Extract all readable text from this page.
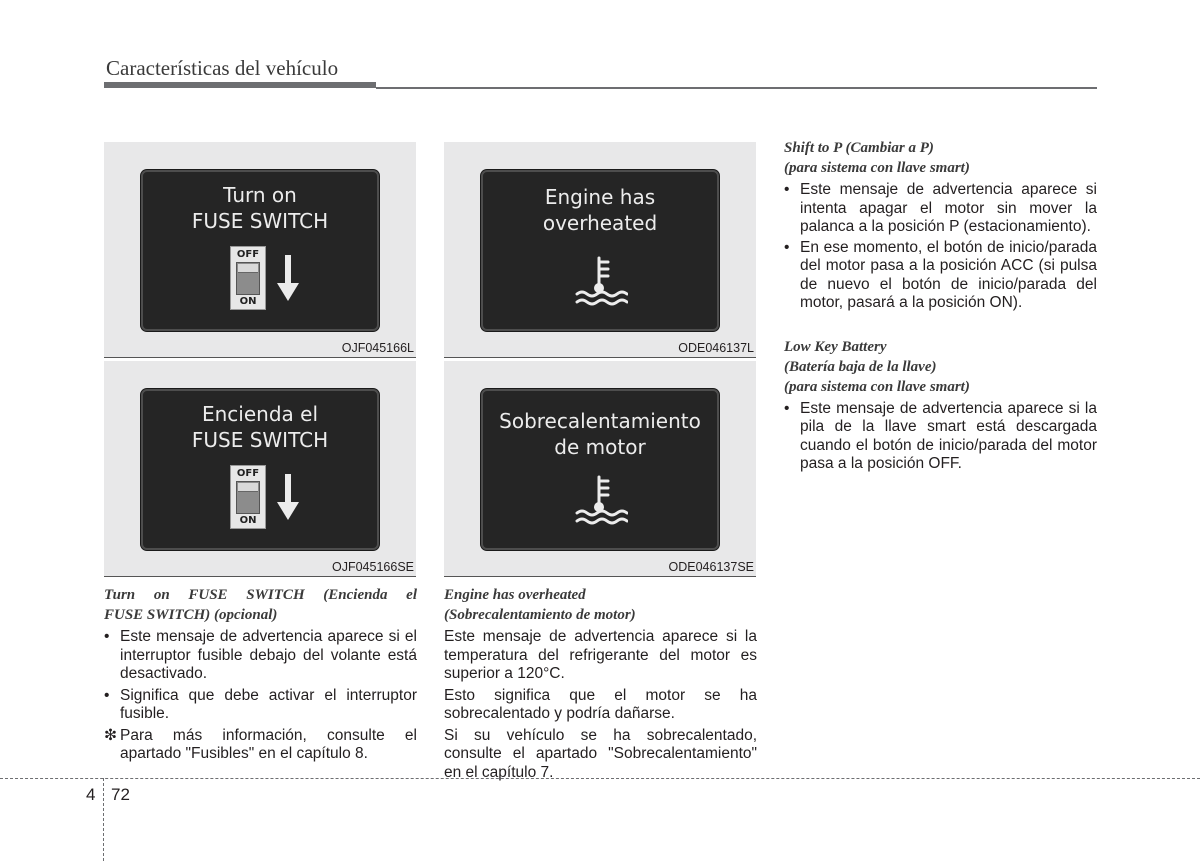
Características del vehículo
Turn on
FUSE SWITCH
OFF
ON
OJF045166L
Engine has
overheated
ODE046137L
Encienda el
FUSE SWITCH
OFF
ON
OJF045166SE
Sobrecalentamiento
de motor
ODE046137SE
Turn on FUSE SWITCH (Encienda el
FUSE SWITCH) (opcional)
• Este mensaje de advertencia aparece si el interruptor fusible debajo del volante está desactivado.
• Significa que debe activar el interruptor fusible.
❇ Para más información, consulte el apartado "Fusibles" en el capítulo 8.
Engine has overheated
(Sobrecalentamiento de motor)
Este mensaje de advertencia aparece si la temperatura del refrigerante del motor es superior a 120°C.
Esto significa que el motor se ha sobrecalentado y podría dañarse.
Si su vehículo se ha sobrecalentado, consulte el apartado "Sobrecalentamiento" en el capítulo 7.
Shift to P (Cambiar a P)
(para sistema con llave smart)
• Este mensaje de advertencia aparece si intenta apagar el motor sin mover la palanca a la posición P (estacionamiento).
• En ese momento, el botón de inicio/parada del motor pasa a la posición ACC (si pulsa de nuevo el botón de inicio/parada del motor, pasará a la posición ON).
Low Key Battery
(Batería baja de la llave)
(para sistema con llave smart)
• Este mensaje de advertencia aparece si la pila de la llave smart está descargada cuando el botón de inicio/parada del motor pasa a la posición OFF.
4 72
